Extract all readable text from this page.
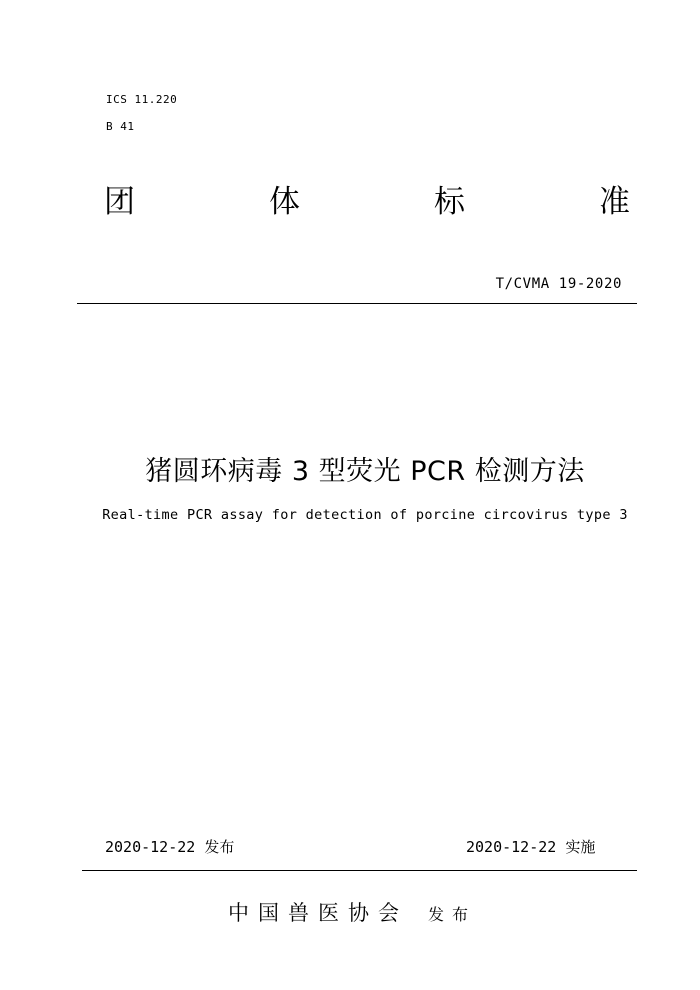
ICS 11.220
B 41
团	体	标	准
T/CVMA 19-2020
猪圆环病毒 3 型荧光 PCR 检测方法
Real-time PCR assay for detection of porcine circovirus type 3
2020-12-22 发布	2020-12-22 实施
中国兽医协会 发布
